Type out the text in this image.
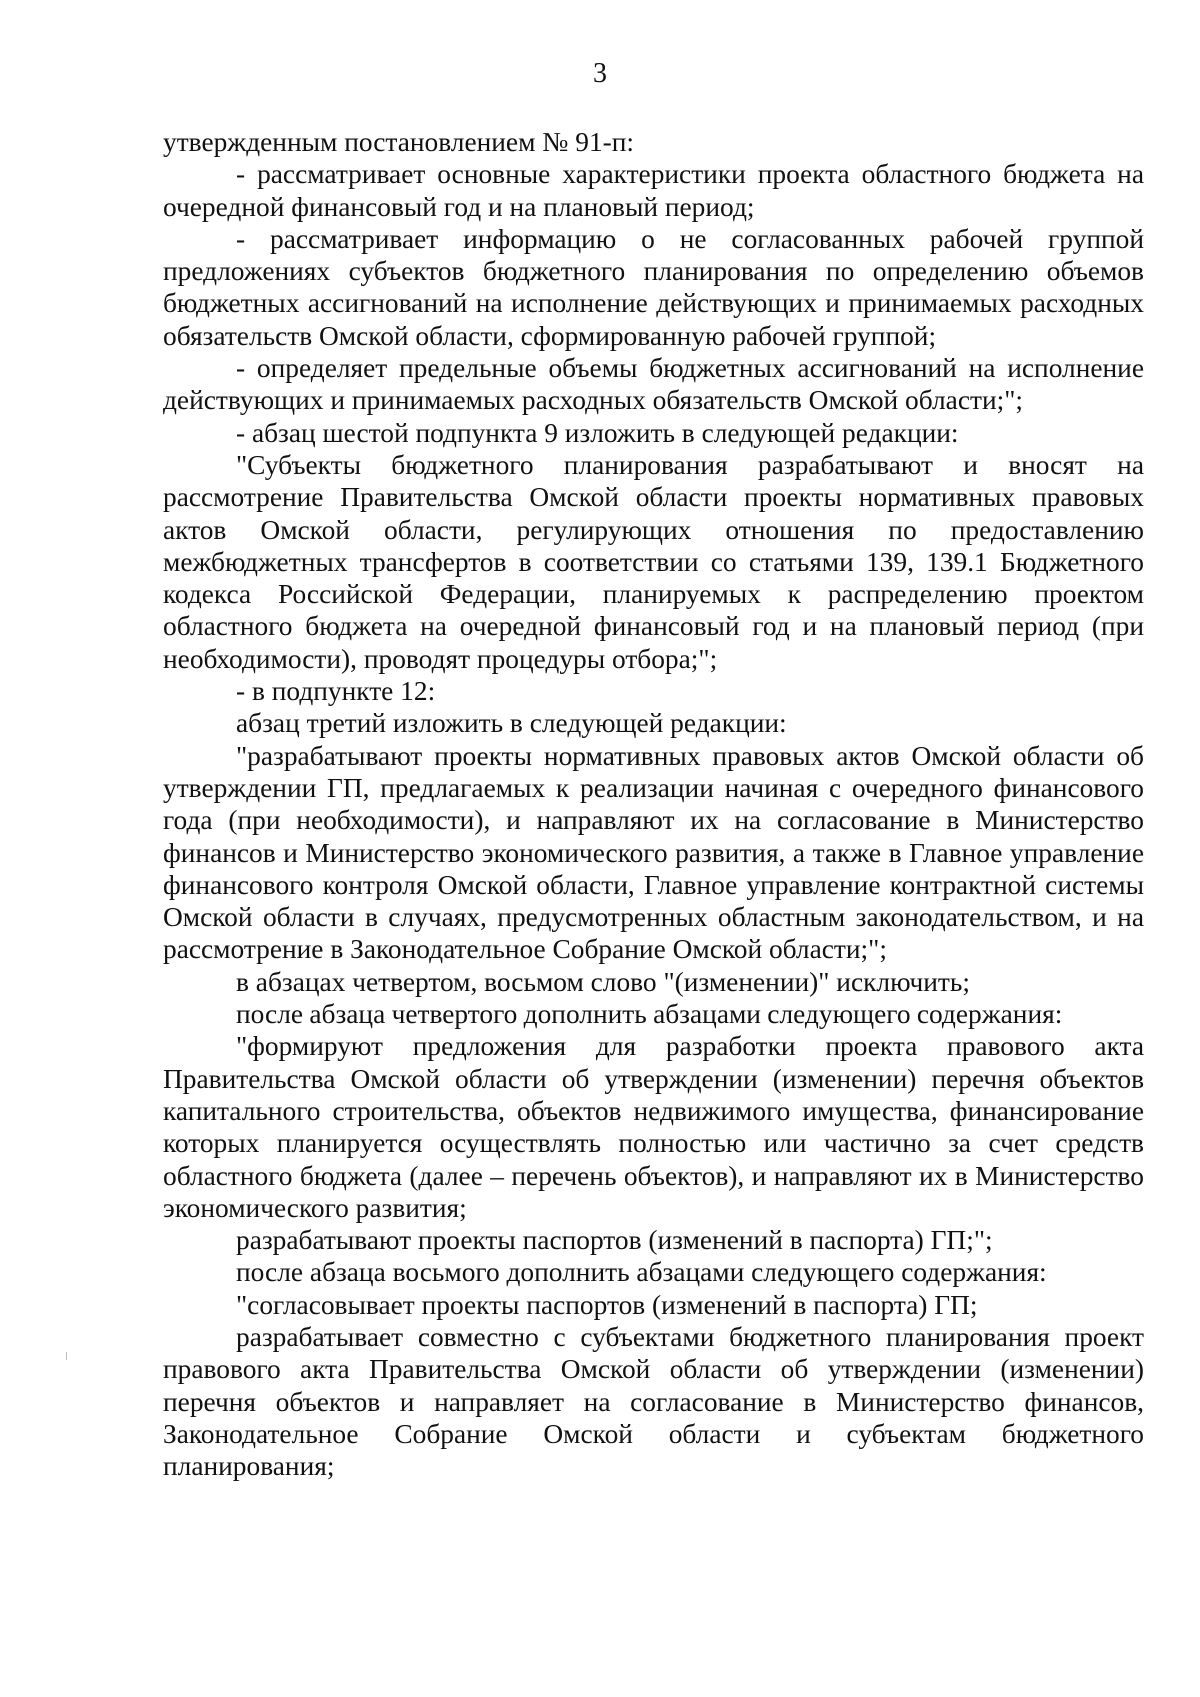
3

утвержденным постановлением № 91-п:

- рассматривает основные характеристики проекта областного бюджета на очередной финансовый год и на плановый период;

- рассматривает информацию о не согласованных рабочей группой предложениях субъектов бюджетного планирования по определению объемов бюджетных ассигнований на исполнение действующих и принимаемых расходных обязательств Омской области, сформированную рабочей группой;

- определяет предельные объемы бюджетных ассигнований на исполнение действующих и принимаемых расходных обязательств Омской области;";

- абзац шестой подпункта 9 изложить в следующей редакции:

"Субъекты бюджетного планирования разрабатывают и вносят на рассмотрение Правительства Омской области проекты нормативных правовых актов Омской области, регулирующих отношения по предоставлению межбюджетных трансфертов в соответствии со статьями 139, 139.1 Бюджетного кодекса Российской Федерации, планируемых к распределению проектом областного бюджета на очередной финансовый год и на плановый период (при необходимости), проводят процедуры отбора;";

- в подпункте 12:

абзац третий изложить в следующей редакции:

"разрабатывают проекты нормативных правовых актов Омской области об утверждении ГП, предлагаемых к реализации начиная с очередного финансового года (при необходимости), и направляют их на согласование в Министерство финансов и Министерство экономического развития, а также в Главное управление финансового контроля Омской области, Главное управление контрактной системы Омской области в случаях, предусмотренных областным законодательством, и на рассмотрение в Законодательное Собрание Омской области;";

в абзацах четвертом, восьмом слово "(изменении)" исключить;

после абзаца четвертого дополнить абзацами следующего содержания:

"формируют предложения для разработки проекта правового акта Правительства Омской области об утверждении (изменении) перечня объектов капитального строительства, объектов недвижимого имущества, финансирование которых планируется осуществлять полностью или частично за счет средств областного бюджета (далее – перечень объектов), и направляют их в Министерство экономического развития;

разрабатывают проекты паспортов (изменений в паспорта) ГП;";

после абзаца восьмого дополнить абзацами следующего содержания:

"согласовывает проекты паспортов (изменений в паспорта) ГП;

разрабатывает совместно с субъектами бюджетного планирования проект правового акта Правительства Омской области об утверждении (изменении) перечня объектов и направляет на согласование в Министерство финансов, Законодательное Собрание Омской области и субъектам бюджетного планирования;
